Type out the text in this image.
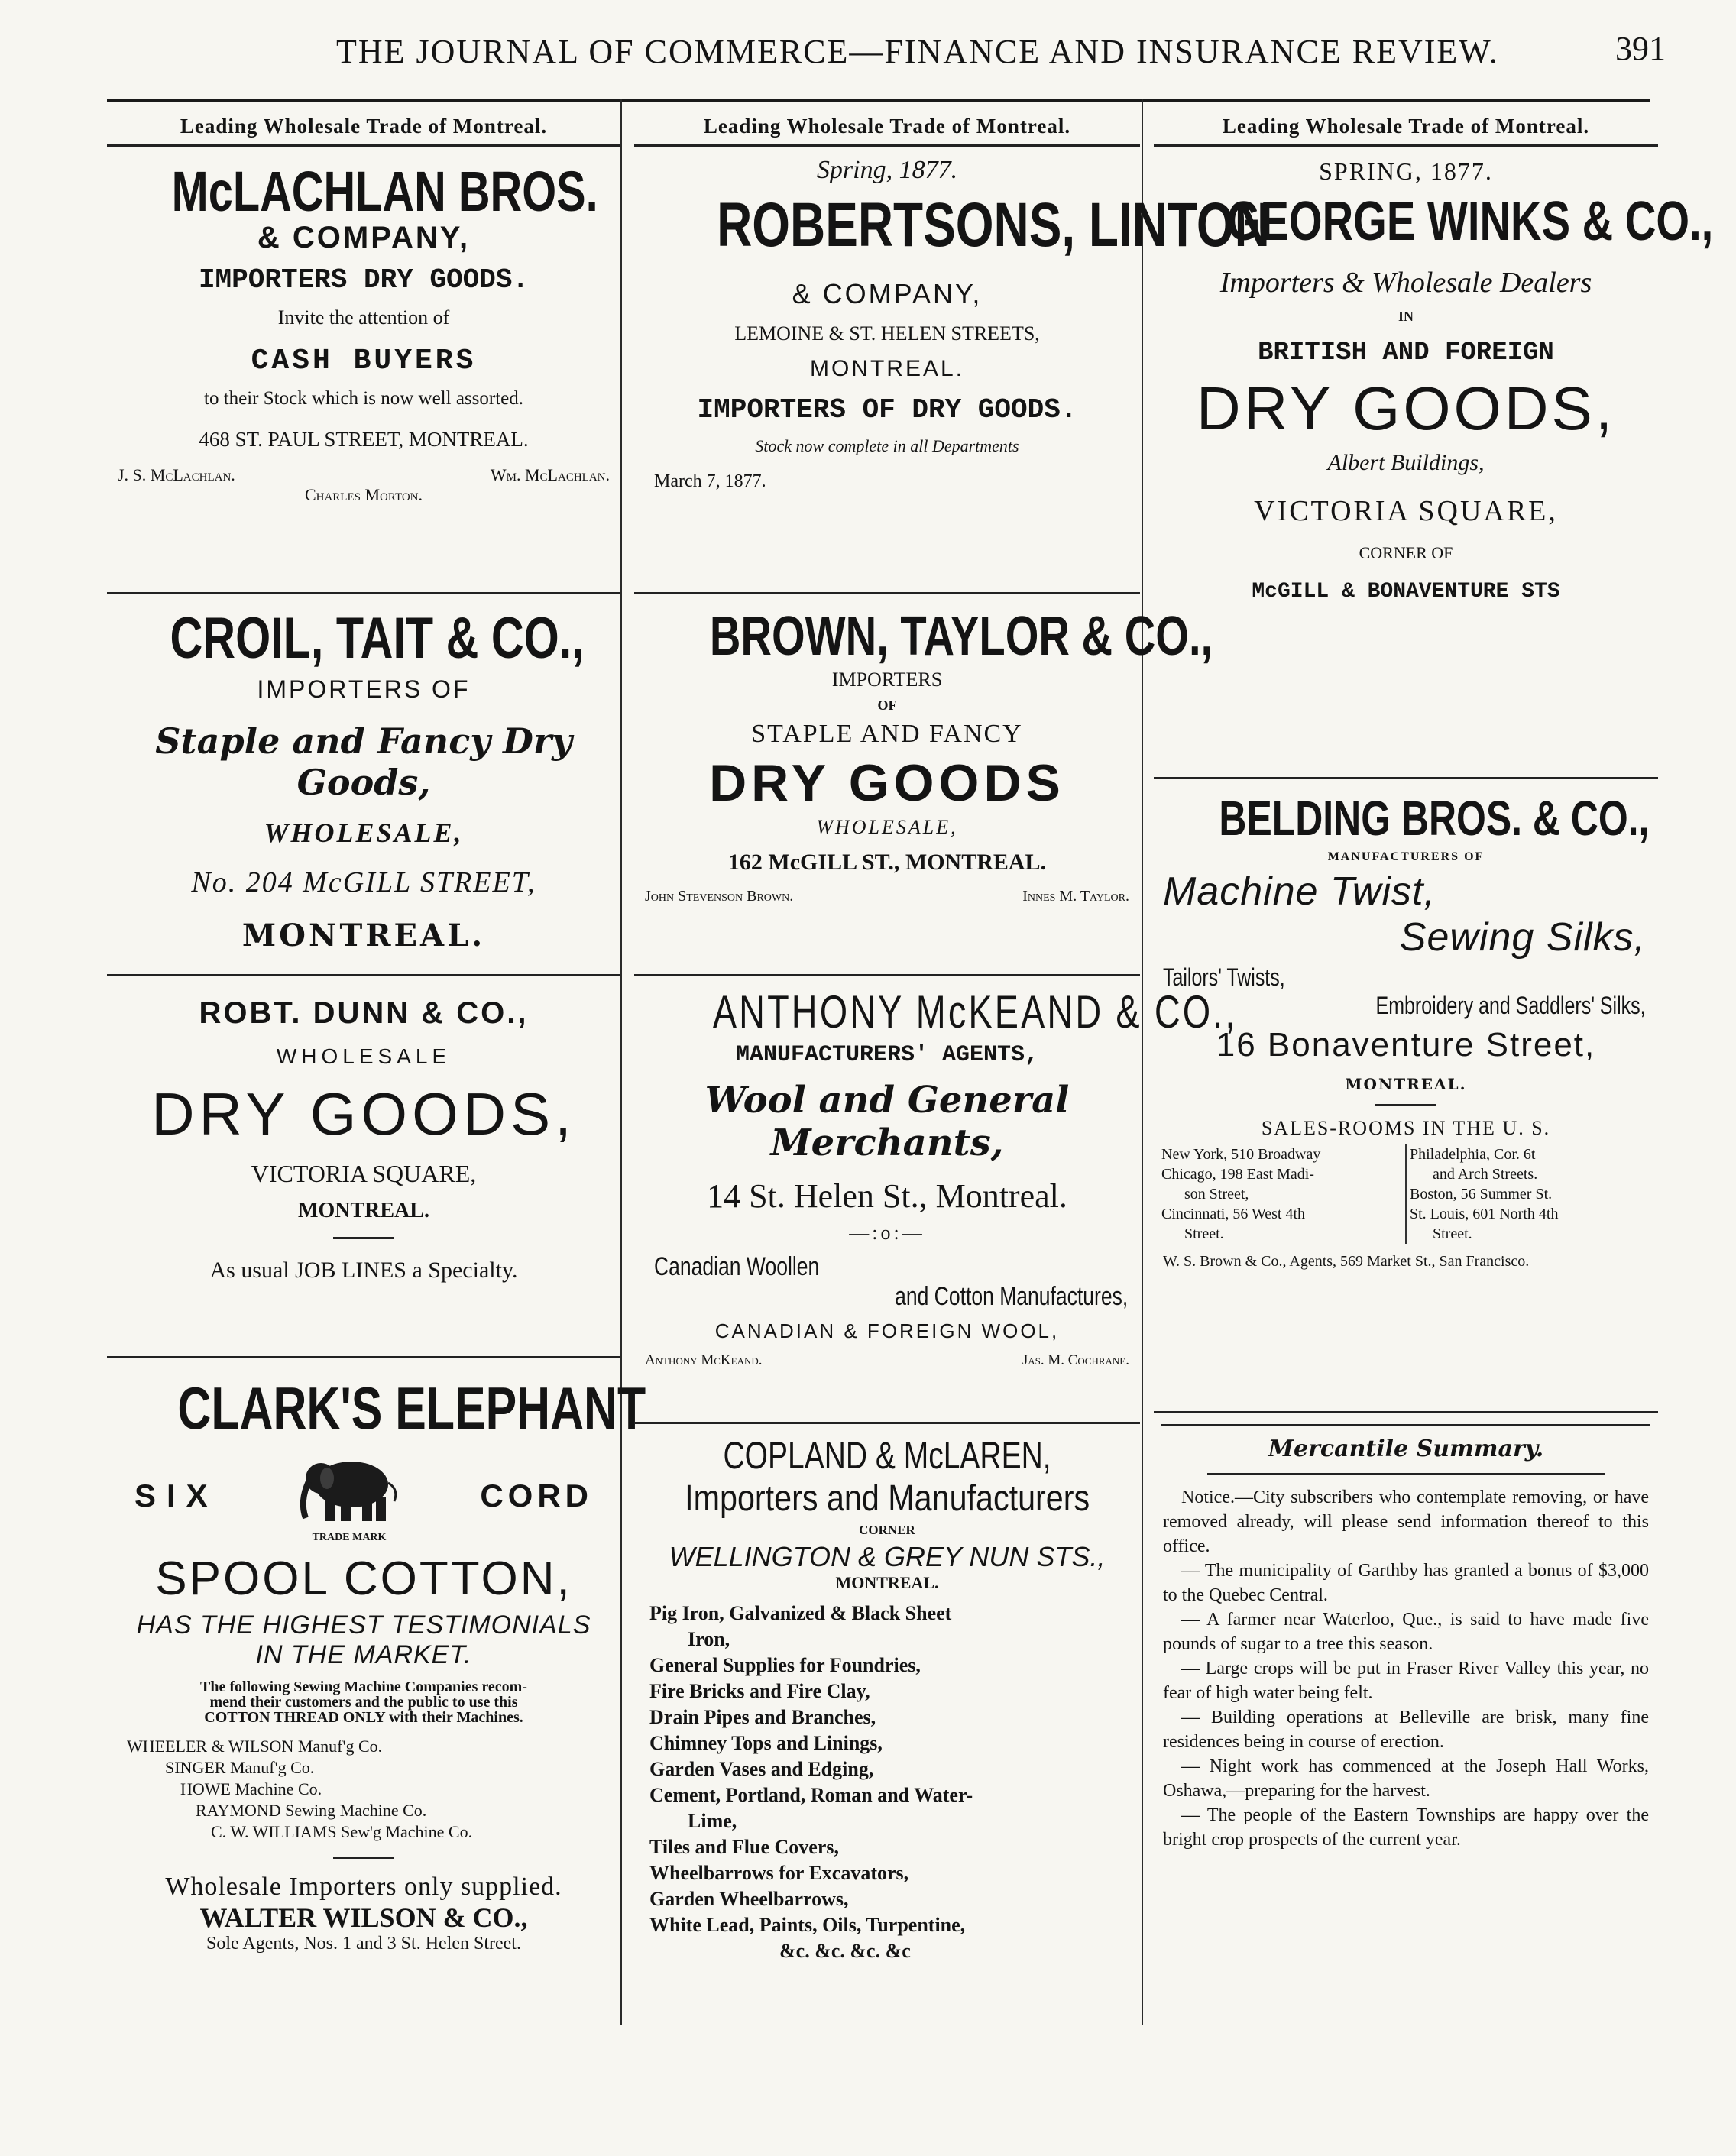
THE JOURNAL OF COMMERCE—FINANCE AND INSURANCE REVIEW.	391
Leading Wholesale Trade of Montreal.
McLACHLAN BROS.
& COMPANY,
IMPORTERS DRY GOODS.
Invite the attention of
CASH BUYERS
to their Stock which is now well assorted.
468 ST. PAUL STREET, MONTREAL.
J. S. McLachlan.	Wm. McLachlan.
Charles Morton.
CROIL, TAIT & CO.,
IMPORTERS OF
Staple and Fancy Dry Goods,
WHOLESALE,
No. 204 McGILL STREET,
MONTREAL.
ROBT. DUNN & CO.,
WHOLESALE
DRY GOODS,
VICTORIA SQUARE,
MONTREAL.
As usual JOB LINES a Specialty.
CLARK'S ELEPHANT
SIX
TRADE MARK
CORD
SPOOL COTTON,
HAS THE HIGHEST TESTIMONIALS
IN THE MARKET.
The following Sewing Machine Companies recom-
mend their customers and the public to use this
COTTON THREAD ONLY with their Machines.
WHEELER & WILSON Manuf'g Co.
SINGER Manuf'g Co.
HOWE Machine Co.
RAYMOND Sewing Machine Co.
C. W. WILLIAMS Sew'g Machine Co.
Wholesale Importers only supplied.
WALTER WILSON & CO.,
Sole Agents, Nos. 1 and 3 St. Helen Street.
Leading Wholesale Trade of Montreal.
Spring, 1877.
ROBERTSONS, LINTON
& COMPANY,
LEMOINE & ST. HELEN STREETS,
MONTREAL.
IMPORTERS OF DRY GOODS.
Stock now complete in all Departments
March 7, 1877.
BROWN, TAYLOR & CO.,
IMPORTERS
OF
STAPLE AND FANCY
DRY GOODS
WHOLESALE,
162 McGILL ST., MONTREAL.
John Stevenson Brown.	Innes M. Taylor.
ANTHONY McKEAND & CO.,
MANUFACTURERS' AGENTS,
Wool and General Merchants,
14 St. Helen St., Montreal.
—:o:—
Canadian Woollen
and Cotton Manufactures,
CANADIAN & FOREIGN WOOL,
Anthony McKeand.	Jas. M. Cochrane.
COPLAND & McLAREN,
Importers and Manufacturers
CORNER
WELLINGTON & GREY NUN STS.,
MONTREAL.
Pig Iron, Galvanized & Black Sheet
Iron,
General Supplies for Foundries,
Fire Bricks and Fire Clay,
Drain Pipes and Branches,
Chimney Tops and Linings,
Garden Vases and Edging,
Cement, Portland, Roman and Water-
Lime,
Tiles and Flue Covers,
Wheelbarrows for Excavators,
Garden Wheelbarrows,
White Lead, Paints, Oils, Turpentine,
&c. &c. &c. &c
Leading Wholesale Trade of Montreal.
SPRING, 1877.
GEORGE WINKS & CO.,
Importers & Wholesale Dealers
IN
BRITISH AND FOREIGN
DRY GOODS,
Albert Buildings,
VICTORIA SQUARE,
CORNER OF
McGILL & BONAVENTURE STS
BELDING BROS. & CO.,
MANUFACTURERS OF
Machine Twist,
Sewing Silks,
Tailors' Twists,
Embroidery and Saddlers' Silks,
16 Bonaventure Street,
MONTREAL.
SALES-ROOMS IN THE U. S.
New York, 510 Broadway
Chicago, 198 East Madi-
son Street,
Cincinnati, 56 West 4th
Street.
Philadelphia, Cor. 6t
and Arch Streets.
Boston, 56 Summer St.
St. Louis, 601 North 4th
Street.
W. S. Brown & Co., Agents, 569 Market St., San Francisco.
Mercantile Summary.

Notice.—City subscribers who contemplate removing, or have removed already, will please send information thereof to this office.

— The municipality of Garthby has granted a bonus of $3,000 to the Quebec Central.

— A farmer near Waterloo, Que., is said to have made five pounds of sugar to a tree this season.

— Large crops will be put in Fraser River Valley this year, no fear of high water being felt.

— Building operations at Belleville are brisk, many fine residences being in course of erection.

— Night work has commenced at the Joseph Hall Works, Oshawa,—preparing for the harvest.

— The people of the Eastern Townships are happy over the bright crop prospects of the current year.
